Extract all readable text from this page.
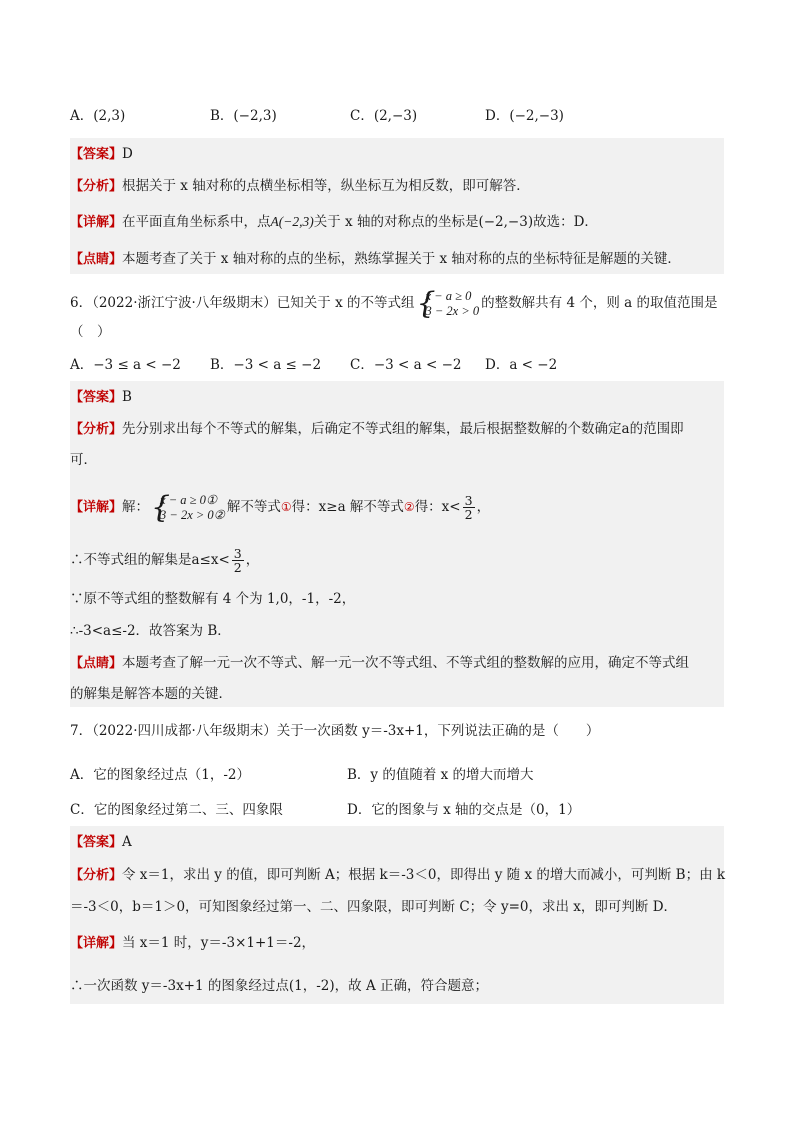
A．(2,3)	B．(−2,3)	C．(2,−3)	D．(−2,−3)
【答案】D
【分析】根据关于 x 轴对称的点横坐标相等，纵坐标互为相反数，即可解答．
【详解】在平面直角坐标系中，点A(−2,3)关于 x 轴的对称点的坐标是(−2,−3)故选：D．
【点睛】本题考查了关于 x 轴对称的点的坐标，熟练掌握关于 x 轴对称的点的坐标特征是解题的关键．
6．（2022·浙江宁波·八年级期末）已知关于 x 的不等式组 {
x − a ≥ 0
3 − 2x > 0 的整数解共有 4 个，则 a 的取值范围是
（　）
A．−3 ≤ a < −2 B．−3 < a ≤ −2 C．−3 < a < −2 D．a < −2
【答案】B
【分析】先分别求出每个不等式的解集，后确定不等式组的解集，最后根据整数解的个数确定a的范围即
可．
【详解】解： {
x − a ≥ 0①
3 − 2x > 0② 解不等式①得：x≥a 解不等式②得：$x< \frac{3}{2}$ ，
∴不等式组的解集是$a\le x< \frac{3}{2}$ ，
∵原不等式组的整数解有 4 个为 1,0，-1，-2，
∴-3<a≤-2．故答案为 B．
【点睛】本题考查了解一元一次不等式、解一元一次不等式组、不等式组的整数解的应用，确定不等式组
的解集是解答本题的关键．
7．（2022·四川成都·八年级期末）关于一次函数 y＝-3x+1，下列说法正确的是（　　）
A．它的图象经过点（1，-2）	B．y 的值随着 x 的增大而增大
C．它的图象经过第二、三、四象限	D．它的图象与 x 轴的交点是（0，1）
【答案】A
【分析】令 x＝1，求出 y 的值，即可判断 A；根据 k＝-3＜0，即得出 y 随 x 的增大而减小，可判断 B；由 k
＝-3＜0，b＝1＞0，可知图象经过第一、二、四象限，即可判断 C；令 y=0，求出 x，即可判断 D．
【详解】当 x＝1 时，y＝-3×1+1＝-2，
∴一次函数 y＝-3x+1 的图象经过点(1，-2)，故 A 正确，符合题意；
